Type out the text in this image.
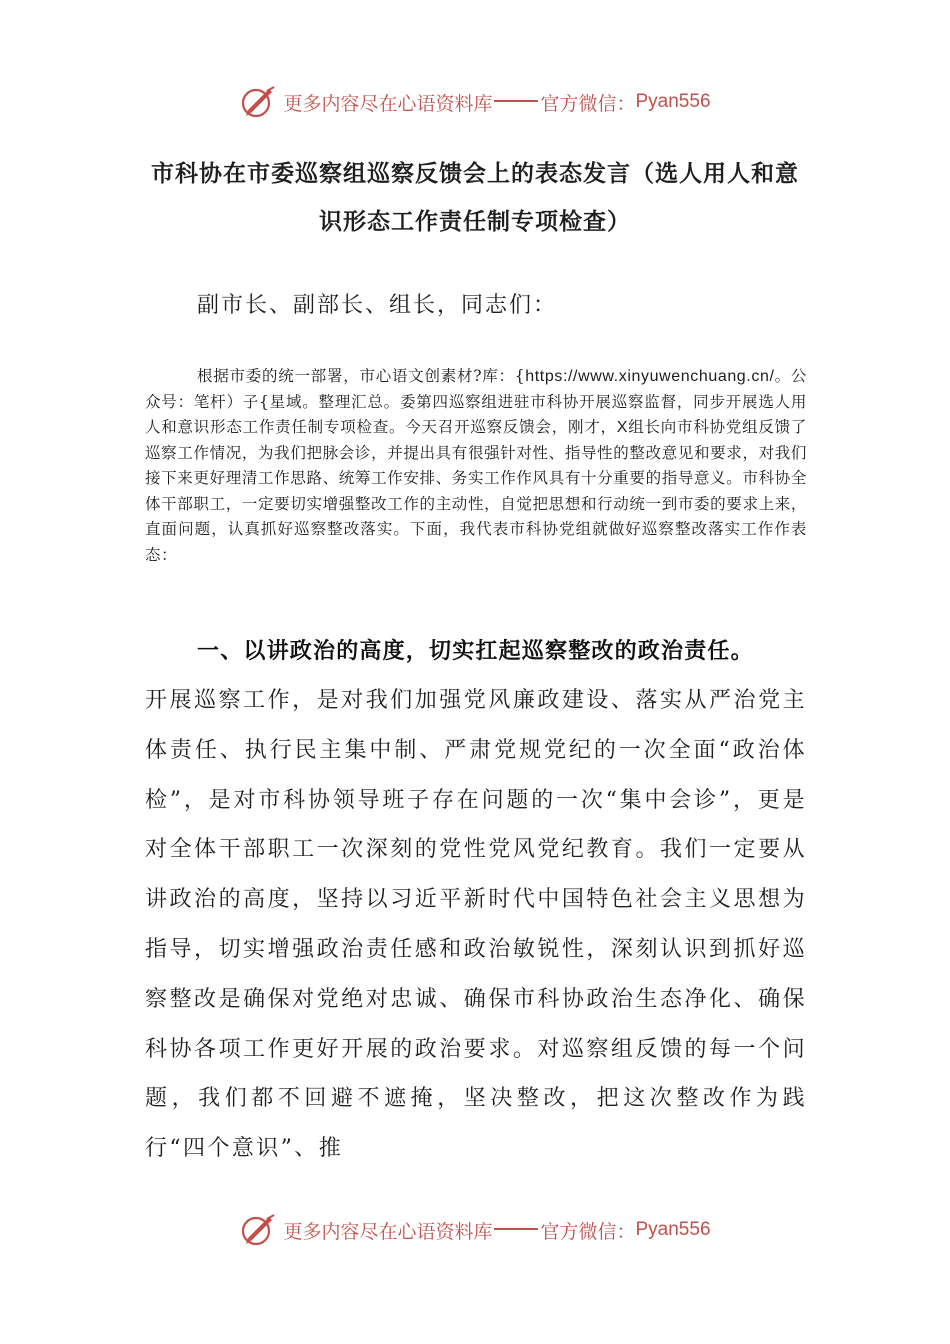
更多内容尽在心语资料库	官方微信： Pyan556
市科协在市委巡察组巡察反馈会上的表态发言（选人用人和意识形态工作责任制专项检查）

副市长、副部长、组长，同志们：

根据市委的统一部署，市心语文创素材?库：{https://www.xinyuwenchuang.cn/。公众号：笔杆）子{星域。整理汇总。委第四巡察组进驻市科协开展巡察监督，同步开展选人用人和意识形态工作责任制专项检查。今天召开巡察反馈会，刚才，X组长向市科协党组反馈了巡察工作情况，为我们把脉会诊，并提出具有很强针对性、指导性的整改意见和要求，对我们接下来更好理清工作思路、统筹工作安排、务实工作作风具有十分重要的指导意义。市科协全体干部职工，一定要切实增强整改工作的主动性，自觉把思想和行动统一到市委的要求上来，直面问题，认真抓好巡察整改落实。下面，我代表市科协党组就做好巡察整改落实工作作表态：

一、以讲政治的高度，切实扛起巡察整改的政治责任。

开展巡察工作，是对我们加强党风廉政建设、落实从严治党主体责任、执行民主集中制、严肃党规党纪的一次全面“政治体检”，是对市科协领导班子存在问题的一次“集中会诊”，更是对全体干部职工一次深刻的党性党风党纪教育。我们一定要从讲政治的高度，坚持以习近平新时代中国特色社会主义思想为指导，切实增强政治责任感和政治敏锐性，深刻认识到抓好巡察整改是确保对党绝对忠诚、确保市科协政治生态净化、确保科协各项工作更好开展的政治要求。对巡察组反馈的每一个问题，我们都不回避不遮掩，坚决整改，把这次整改作为践行“四个意识”、推

更多内容尽在心语资料库	官方微信： Pyan556
